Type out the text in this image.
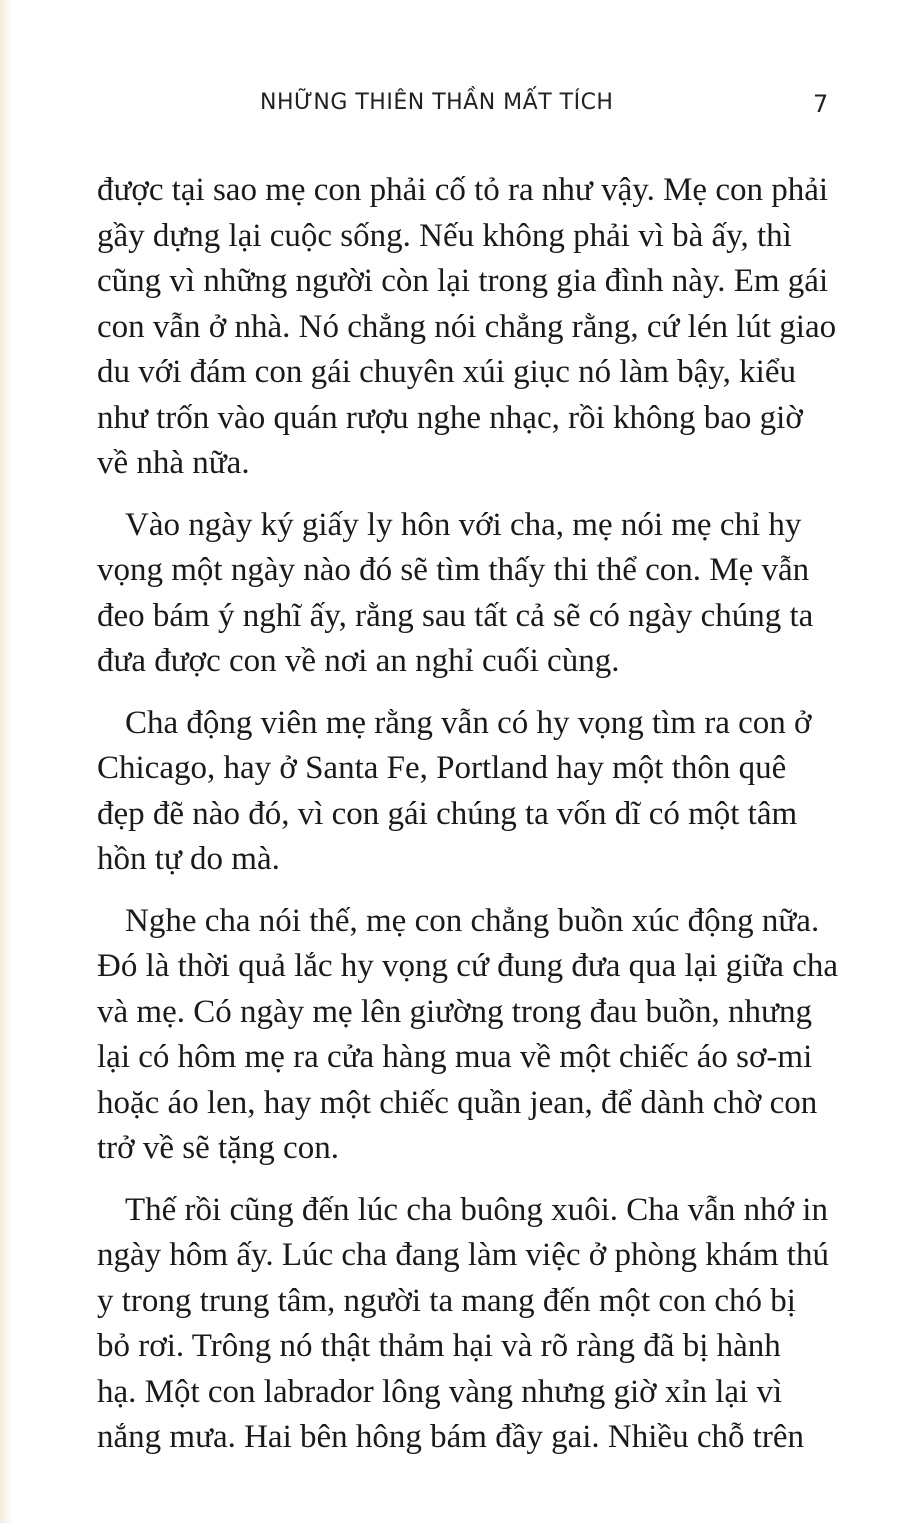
NHỮNG THIÊN THẦN MẤT TÍCH	7

được tại sao mẹ con phải cố tỏ ra như vậy. Mẹ con phải
gầy dựng lại cuộc sống. Nếu không phải vì bà ấy, thì
cũng vì những người còn lại trong gia đình này. Em gái
con vẫn ở nhà. Nó chẳng nói chẳng rằng, cứ lén lút giao
du với đám con gái chuyên xúi giục nó làm bậy, kiểu
như trốn vào quán rượu nghe nhạc, rồi không bao giờ
về nhà nữa.

Vào ngày ký giấy ly hôn với cha, mẹ nói mẹ chỉ hy
vọng một ngày nào đó sẽ tìm thấy thi thể con. Mẹ vẫn
đeo bám ý nghĩ ấy, rằng sau tất cả sẽ có ngày chúng ta
đưa được con về nơi an nghỉ cuối cùng.

Cha động viên mẹ rằng vẫn có hy vọng tìm ra con ở
Chicago, hay ở Santa Fe, Portland hay một thôn quê
đẹp đẽ nào đó, vì con gái chúng ta vốn dĩ có một tâm
hồn tự do mà.

Nghe cha nói thế, mẹ con chẳng buồn xúc động nữa.
Đó là thời quả lắc hy vọng cứ đung đưa qua lại giữa cha
và mẹ. Có ngày mẹ lên giường trong đau buồn, nhưng
lại có hôm mẹ ra cửa hàng mua về một chiếc áo sơ-mi
hoặc áo len, hay một chiếc quần jean, để dành chờ con
trở về sẽ tặng con.

Thế rồi cũng đến lúc cha buông xuôi. Cha vẫn nhớ in
ngày hôm ấy. Lúc cha đang làm việc ở phòng khám thú
y trong trung tâm, người ta mang đến một con chó bị
bỏ rơi. Trông nó thật thảm hại và rõ ràng đã bị hành
hạ. Một con labrador lông vàng nhưng giờ xỉn lại vì
nắng mưa. Hai bên hông bám đầy gai. Nhiều chỗ trên
